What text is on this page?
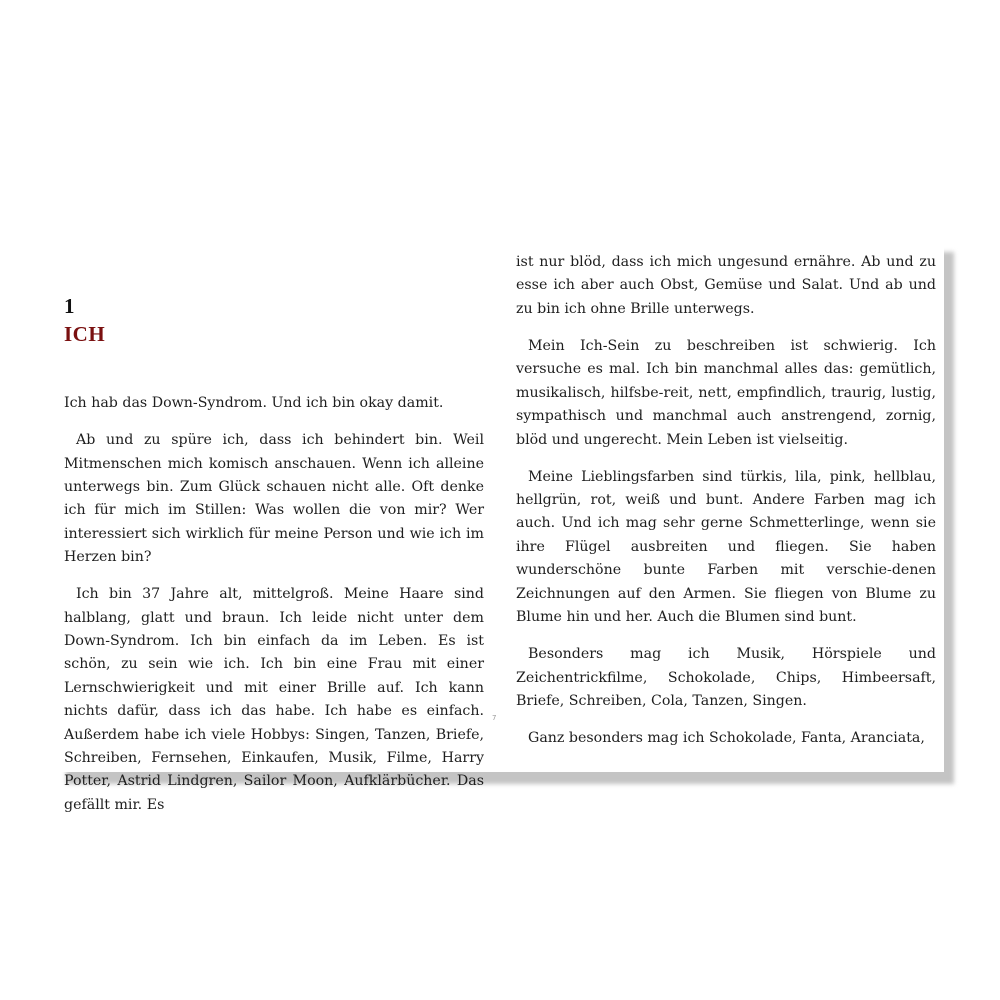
1
ICH

Ich hab das Down-Syndrom. Und ich bin okay damit.

Ab und zu spüre ich, dass ich behindert bin. Weil Mitmenschen mich komisch anschauen. Wenn ich alleine unterwegs bin. Zum Glück schauen nicht alle. Oft denke ich für mich im Stillen: Was wollen die von mir? Wer interessiert sich wirklich für meine Person und wie ich im Herzen bin?

Ich bin 37 Jahre alt, mittelgroß. Meine Haare sind halblang, glatt und braun. Ich leide nicht unter dem Down-Syndrom. Ich bin einfach da im Leben. Es ist schön, zu sein wie ich. Ich bin eine Frau mit einer Lernschwierigkeit und mit einer Brille auf. Ich kann nichts dafür, dass ich das habe. Ich habe es einfach. Außerdem habe ich viele Hobbys: Singen, Tanzen, Briefe, Schreiben, Fernsehen, Einkaufen, Musik, Filme, Harry Potter, Astrid Lindgren, Sailor Moon, Aufklärbücher. Das gefällt mir. Es

ist nur blöd, dass ich mich ungesund ernähre. Ab und zu esse ich aber auch Obst, Gemüse und Salat. Und ab und zu bin ich ohne Brille unterwegs.

Mein Ich-Sein zu beschreiben ist schwierig. Ich versuche es mal. Ich bin manchmal alles das: gemütlich, musikalisch, hilfsbe-reit, nett, empfindlich, traurig, lustig, sympathisch und manchmal auch anstrengend, zornig, blöd und ungerecht. Mein Leben ist vielseitig.

Meine Lieblingsfarben sind türkis, lila, pink, hellblau, hellgrün, rot, weiß und bunt. Andere Farben mag ich auch. Und ich mag sehr gerne Schmetterlinge, wenn sie ihre Flügel ausbreiten und fliegen. Sie haben wunderschöne bunte Farben mit verschie-denen Zeichnungen auf den Armen. Sie fliegen von Blume zu Blume hin und her. Auch die Blumen sind bunt.

Besonders mag ich Musik, Hörspiele und Zeichentrickfilme, Schokolade, Chips, Himbeersaft, Briefe, Schreiben, Cola, Tanzen, Singen.

Ganz besonders mag ich Schokolade, Fanta, Aranciata,

7
